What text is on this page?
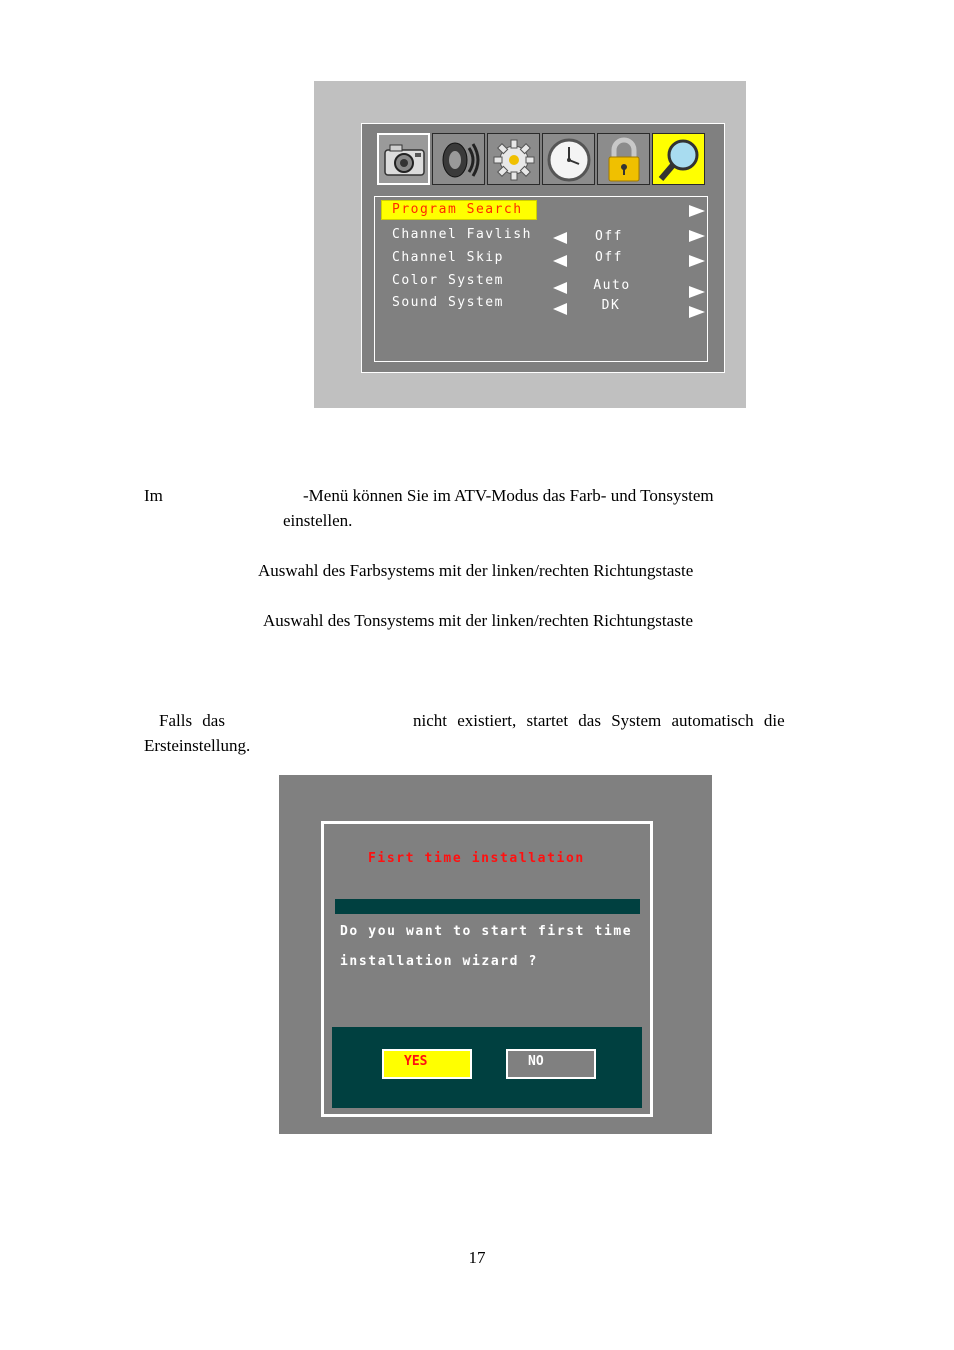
Program Search
Channel Favlish	Off
Channel Skip	Off
Color System	Auto
Sound System	DK
Im	-Menü können Sie im ATV-Modus das Farb- und Tonsystem
einstellen.
Auswahl des Farbsystems mit der linken/rechten Richtungstaste
Auswahl des Tonsystems mit der linken/rechten Richtungstaste
Falls das	nicht existiert, startet das System automatisch die
Ersteinstellung.
Fisrt time installation
Do you want to start first time
installation wizard ?
YES	NO
17
